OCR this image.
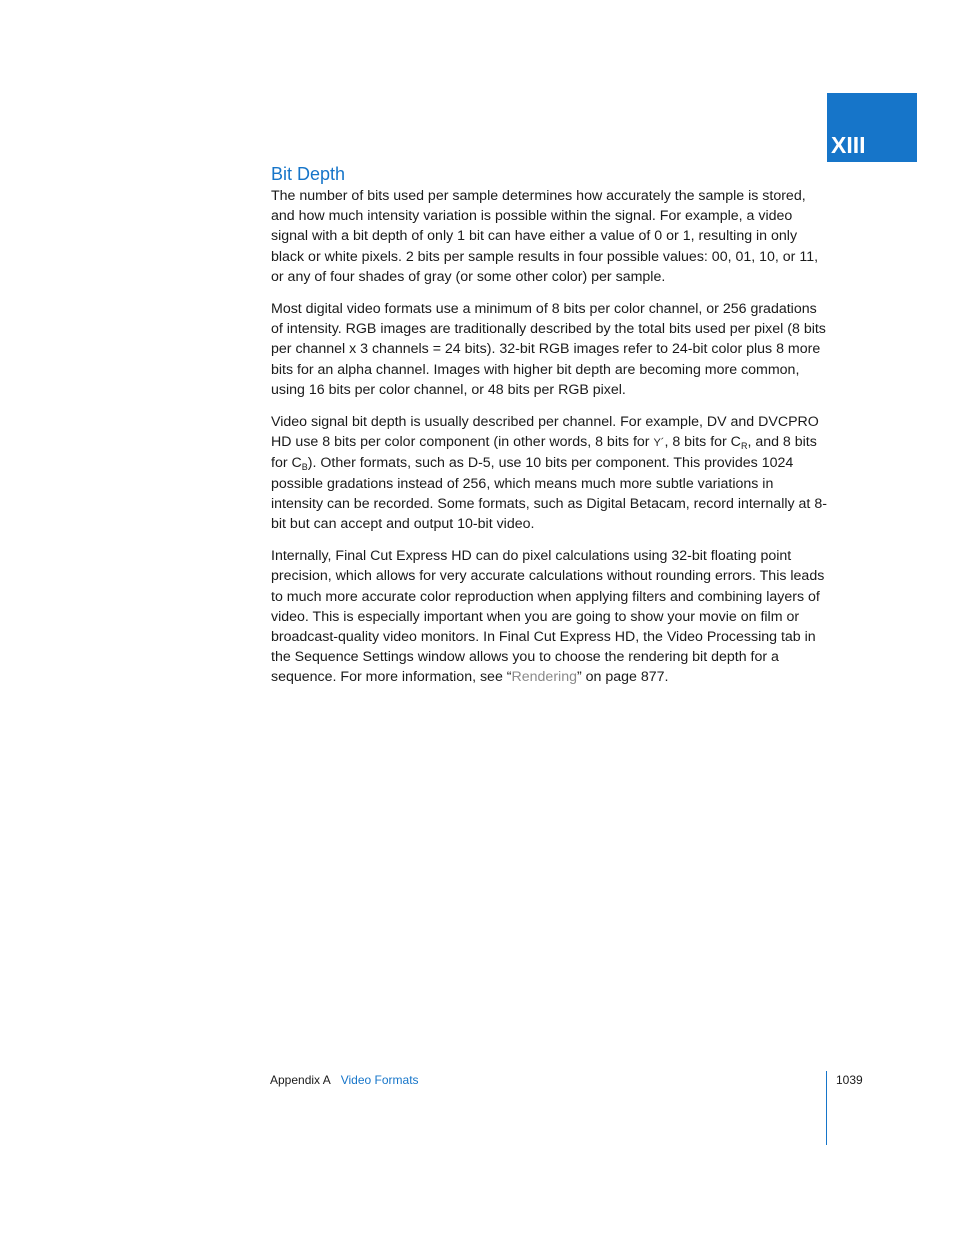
XIII
Bit Depth

The number of bits used per sample determines how accurately the sample is stored, and how much intensity variation is possible within the signal. For example, a video signal with a bit depth of only 1 bit can have either a value of 0 or 1, resulting in only black or white pixels. 2 bits per sample results in four possible values: 00, 01, 10, or 11, or any of four shades of gray (or some other color) per sample.

Most digital video formats use a minimum of 8 bits per color channel, or 256 gradations of intensity. RGB images are traditionally described by the total bits used per pixel (8 bits per channel x 3 channels = 24 bits). 32-bit RGB images refer to 24-bit color plus 8 more bits for an alpha channel. Images with higher bit depth are becoming more common, using 16 bits per color channel, or 48 bits per RGB pixel.

Video signal bit depth is usually described per channel. For example, DV and DVCPRO HD use 8 bits per color component (in other words, 8 bits for Y´, 8 bits for $C_R$, and 8 bits for $C_B$). Other formats, such as D-5, use 10 bits per component. This provides 1024 possible gradations instead of 256, which means much more subtle variations in intensity can be recorded. Some formats, such as Digital Betacam, record internally at 8-bit but can accept and output 10-bit video.

Internally, Final Cut Express HD can do pixel calculations using 32-bit floating point precision, which allows for very accurate calculations without rounding errors. This leads to much more accurate color reproduction when applying filters and combining layers of video. This is especially important when you are going to show your movie on film or broadcast-quality video monitors. In Final Cut Express HD, the Video Processing tab in the Sequence Settings window allows you to choose the rendering bit depth for a sequence. For more information, see “Rendering” on page 877.

Appendix A Video Formats	1039
